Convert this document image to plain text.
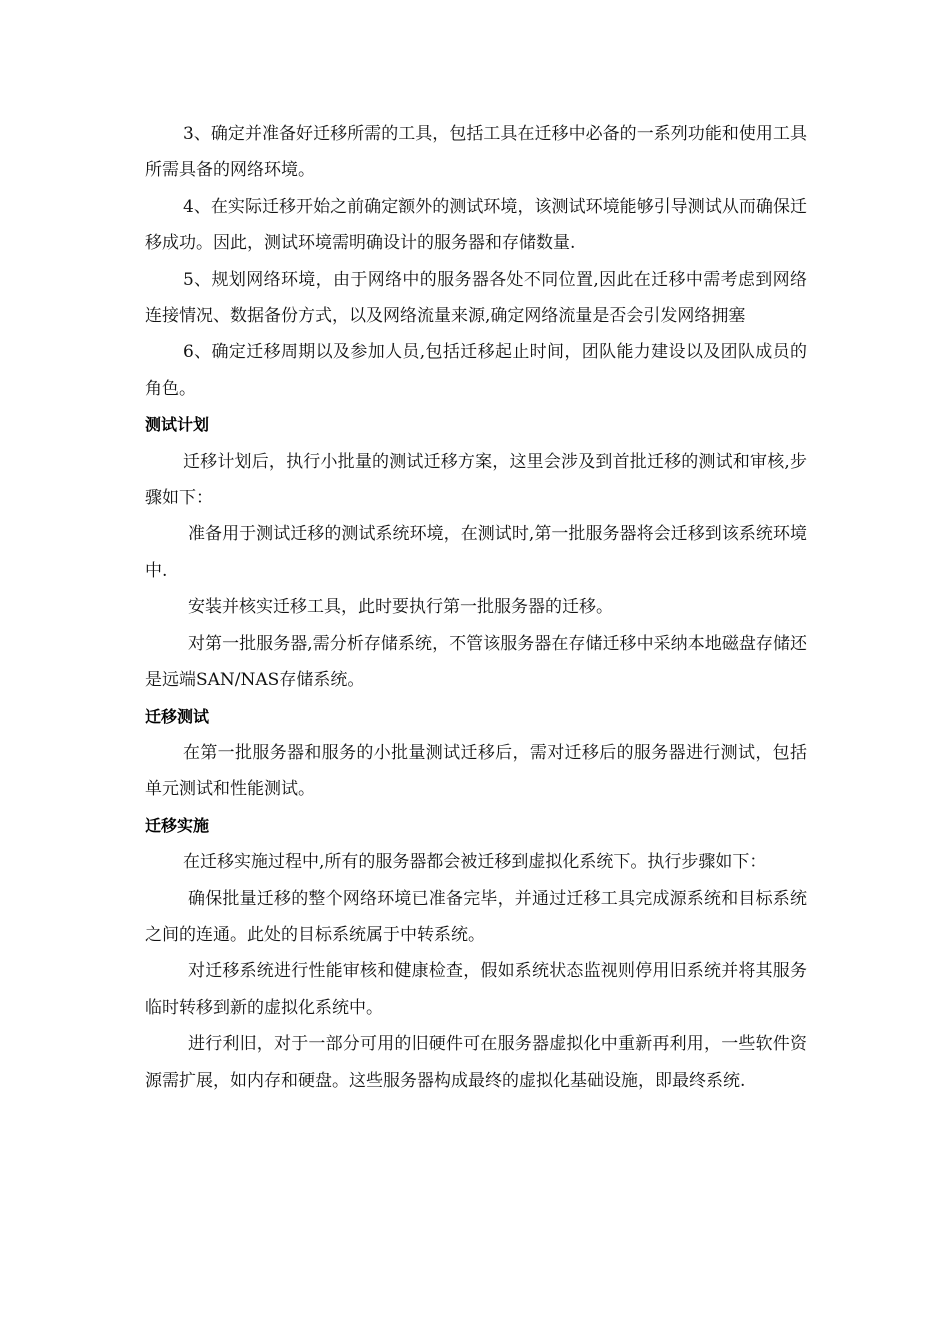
3、确定并准备好迁移所需的工具，包括工具在迁移中必备的一系列功能和使用工具所需具备的网络环境。

4、在实际迁移开始之前确定额外的测试环境，该测试环境能够引导测试从而确保迁移成功。因此，测试环境需明确设计的服务器和存储数量.

5、规划网络环境，由于网络中的服务器各处不同位置,因此在迁移中需考虑到网络连接情况、数据备份方式，以及网络流量来源,确定网络流量是否会引发网络拥塞

6、确定迁移周期以及参加人员,包括迁移起止时间，团队能力建设以及团队成员的角色。

测试计划

迁移计划后，执行小批量的测试迁移方案，这里会涉及到首批迁移的测试和审核,步骤如下：

准备用于测试迁移的测试系统环境，在测试时,第一批服务器将会迁移到该系统环境中.

安装并核实迁移工具，此时要执行第一批服务器的迁移。

对第一批服务器,需分析存储系统，不管该服务器在存储迁移中采纳本地磁盘存储还是远端SAN/NAS存储系统。

迁移测试

在第一批服务器和服务的小批量测试迁移后，需对迁移后的服务器进行测试，包括单元测试和性能测试。

迁移实施

在迁移实施过程中,所有的服务器都会被迁移到虚拟化系统下。执行步骤如下：

确保批量迁移的整个网络环境已准备完毕，并通过迁移工具完成源系统和目标系统之间的连通。此处的目标系统属于中转系统。

对迁移系统进行性能审核和健康检查，假如系统状态监视则停用旧系统并将其服务临时转移到新的虚拟化系统中。

进行利旧，对于一部分可用的旧硬件可在服务器虚拟化中重新再利用，一些软件资源需扩展，如内存和硬盘。这些服务器构成最终的虚拟化基础设施，即最终系统.
